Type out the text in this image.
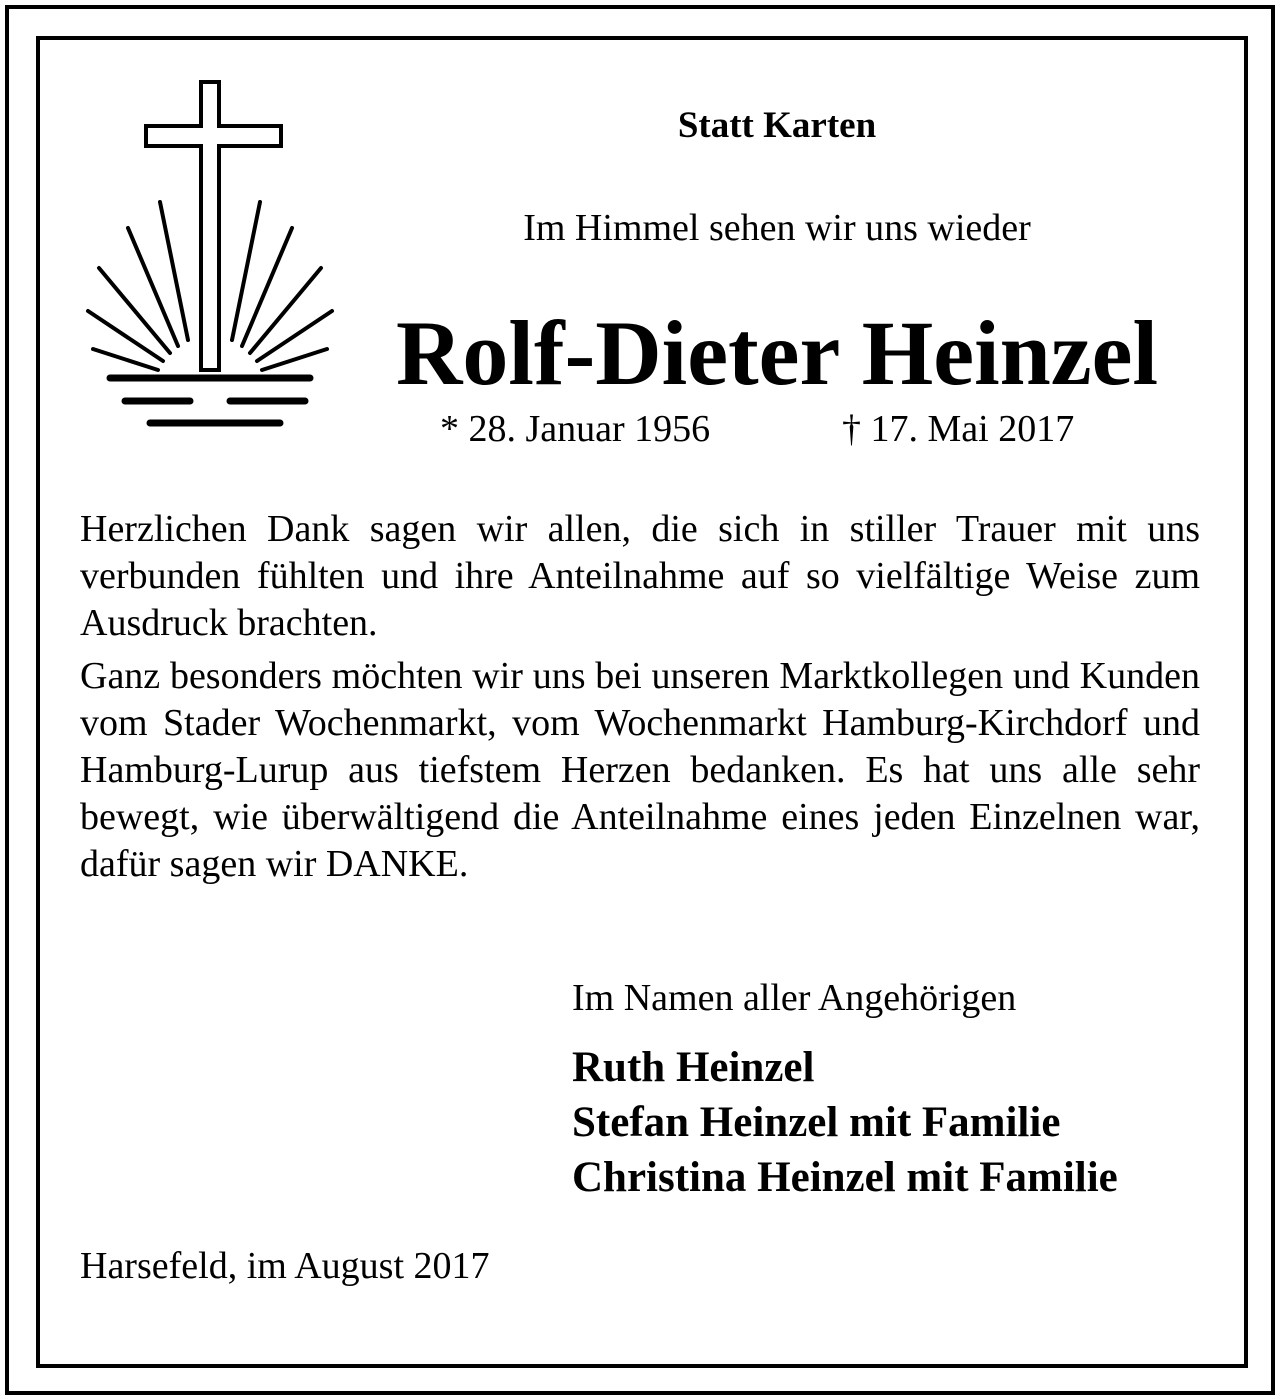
Statt Karten
Im Himmel sehen wir uns wieder
Rolf-Dieter Heinzel
* 28. Januar 1956	† 17. Mai 2017

Herzlichen Dank sagen wir allen, die sich in stiller Trauer mit uns verbunden fühlten und ihre Anteilnahme auf so vielfältige Weise zum Ausdruck brachten.

Ganz besonders möchten wir uns bei unseren Marktkollegen und Kunden vom Stader Wochenmarkt, vom Wochenmarkt Hamburg-Kirchdorf und Hamburg-Lurup aus tiefstem Herzen bedanken. Es hat uns alle sehr bewegt, wie überwältigend die Anteilnahme eines jeden Einzelnen war, dafür sagen wir DANKE.

Im Namen aller Angehörigen
Ruth Heinzel
Stefan Heinzel mit Familie
Christina Heinzel mit Familie
Harsefeld, im August 2017
